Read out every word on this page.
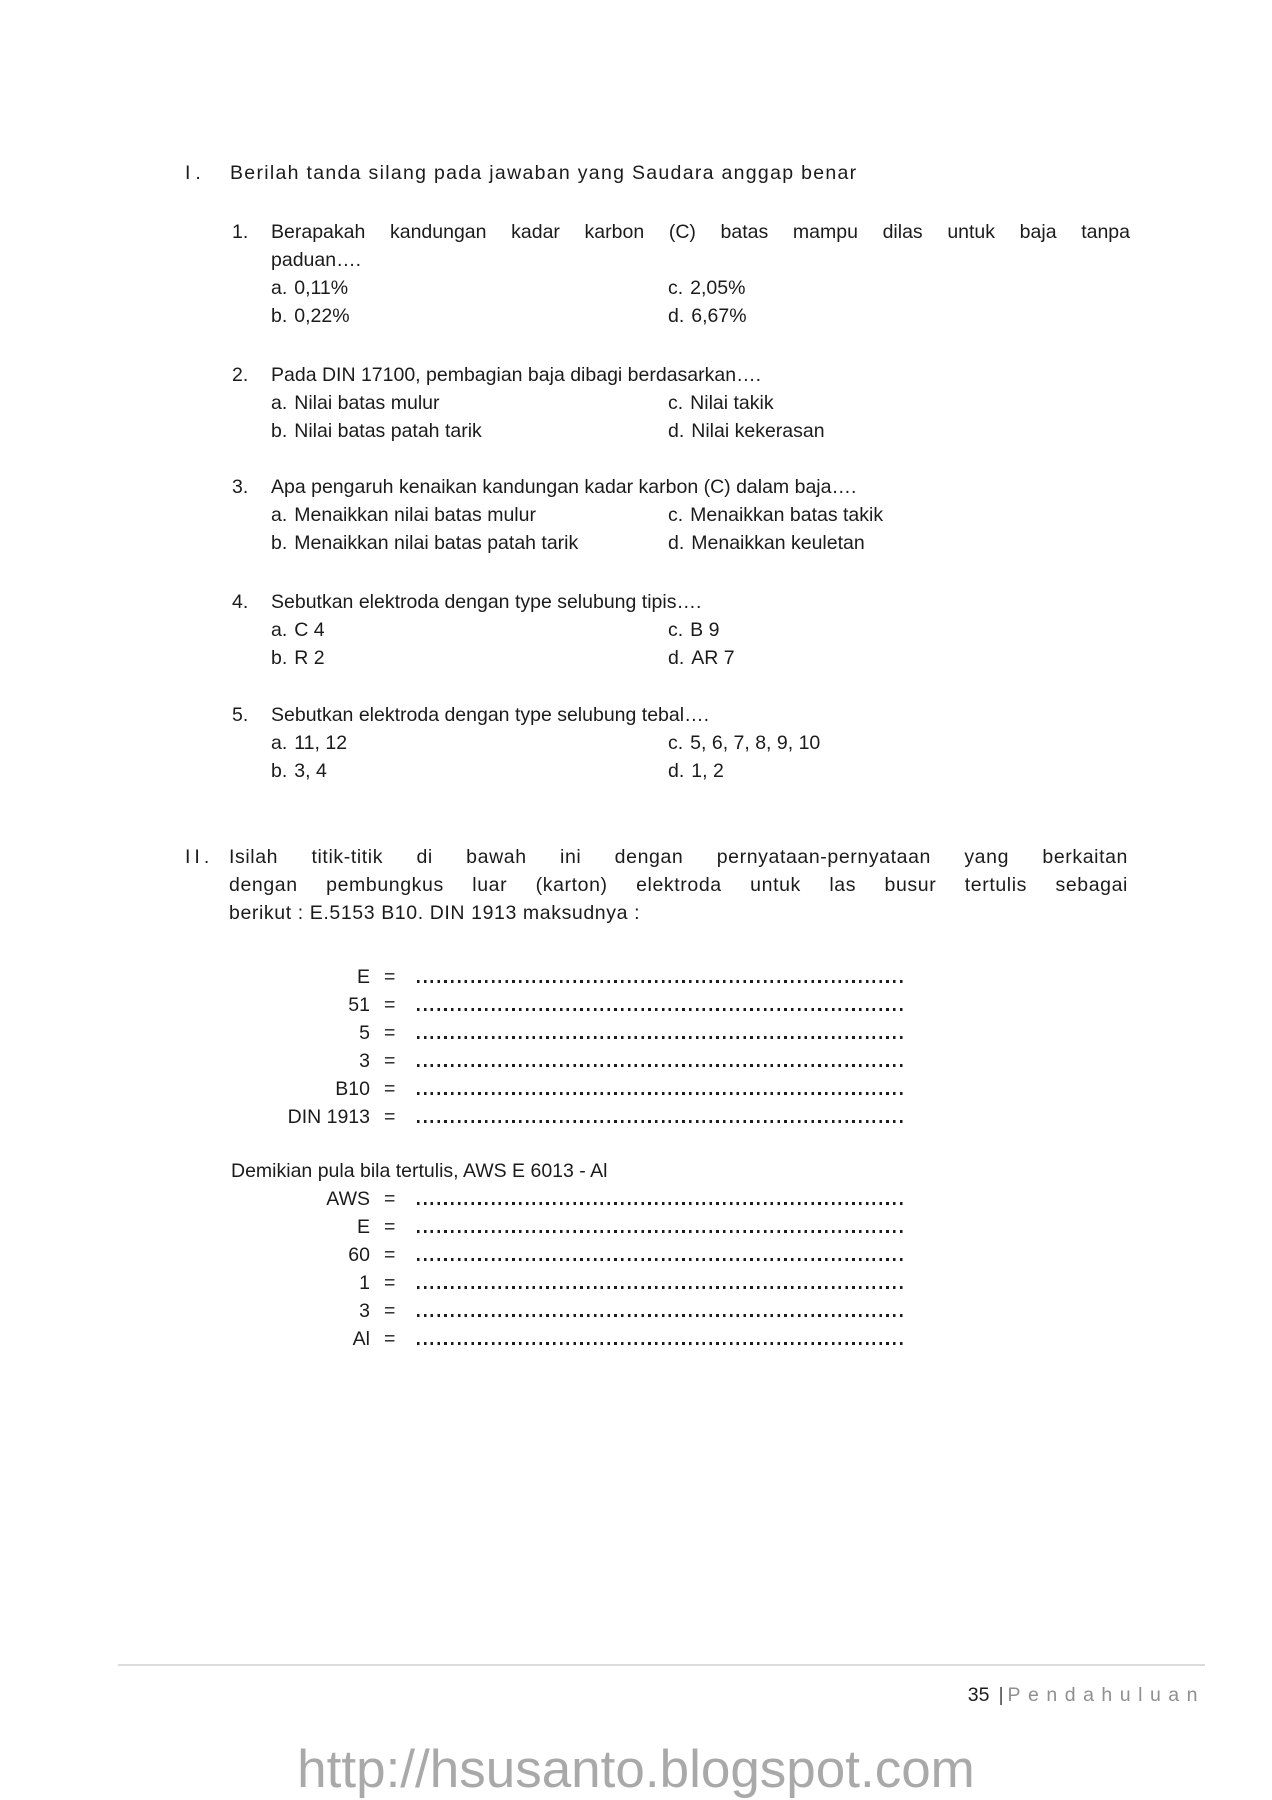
I. Berilah tanda silang pada jawaban yang Saudara anggap benar
1. Berapakah kandungan kadar karbon (C) batas mampu dilas untuk baja tanpa
paduan….
a. 0,11%	c. 2,05%
b. 0,22%	d. 6,67%
2. Pada DIN 17100, pembagian baja dibagi berdasarkan….
a. Nilai batas mulur	c. Nilai takik
b. Nilai batas patah tarik	d. Nilai kekerasan
3. Apa pengaruh kenaikan kandungan kadar karbon (C) dalam baja….
a. Menaikkan nilai batas mulur	c. Menaikkan batas takik
b. Menaikkan nilai batas patah tarik	d. Menaikkan keuletan
4. Sebutkan elektroda dengan type selubung tipis….
a. C 4	c. B 9
b. R 2	d. AR 7
5. Sebutkan elektroda dengan type selubung tebal….
a. 11, 12	c. 5, 6, 7, 8, 9, 10
b. 3, 4	d. 1, 2
II. Isilah titik-titik di bawah ini dengan pernyataan-pernyataan yang berkaitan
dengan pembungkus luar (karton) elektroda untuk las busur tertulis sebagai
berikut : E.5153 B10. DIN 1913 maksudnya :
E =
51 =
5 =
3 =
B10 =
DIN 1913 =
Demikian pula bila tertulis, AWS E 6013 - Al
AWS =
E =
60 =
1 =
3 =
Al =
35 | Pendahuluan
http://hsusanto.blogspot.com
